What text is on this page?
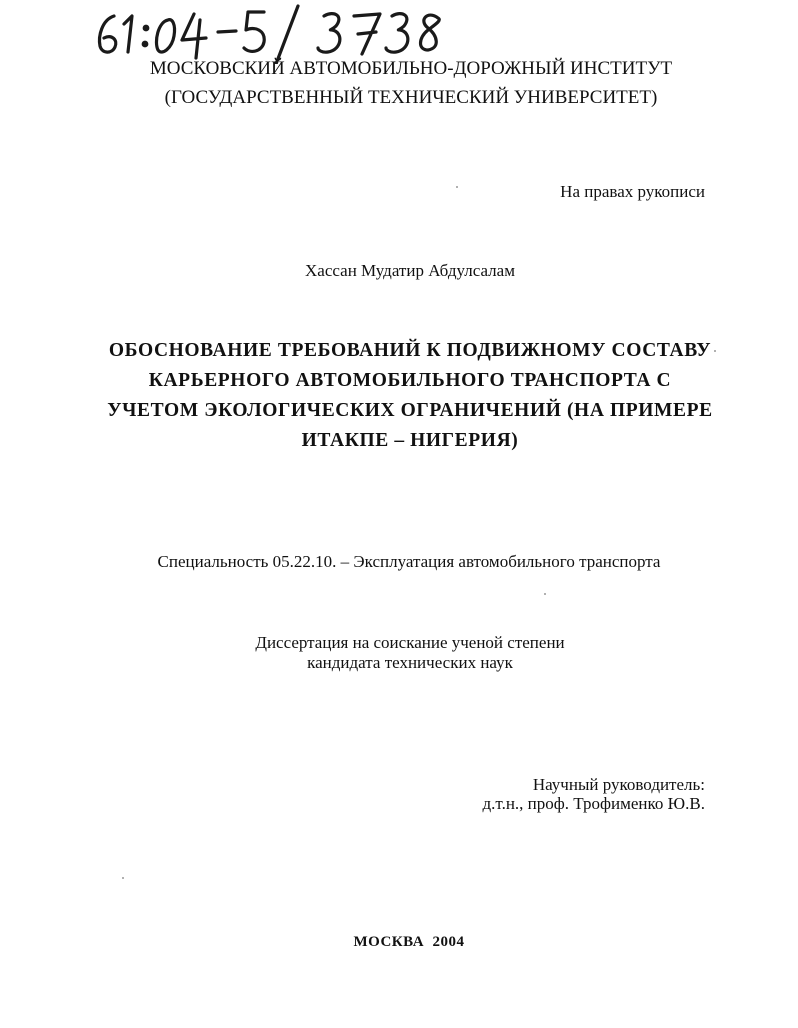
МОСКОВСКИЙ АВТОМОБИЛЬНО-ДОРОЖНЫЙ ИНСТИТУТ
(ГОСУДАРСТВЕННЫЙ ТЕХНИЧЕСКИЙ УНИВЕРСИТЕТ)
На правах рукописи
Хассан Мудатир Абдулсалам
ОБОСНОВАНИЕ ТРЕБОВАНИЙ К ПОДВИЖНОМУ СОСТАВУ
КАРЬЕРНОГО АВТОМОБИЛЬНОГО ТРАНСПОРТА С
УЧЕТОМ ЭКОЛОГИЧЕСКИХ ОГРАНИЧЕНИЙ (НА ПРИМЕРЕ
ИТАКПЕ – НИГЕРИЯ)
Специальность 05.22.10. – Эксплуатация автомобильного транспорта
Диссертация на соискание ученой степени
кандидата технических наук
Научный руководитель:
д.т.н., проф. Трофименко Ю.В.
МОСКВА  2004
